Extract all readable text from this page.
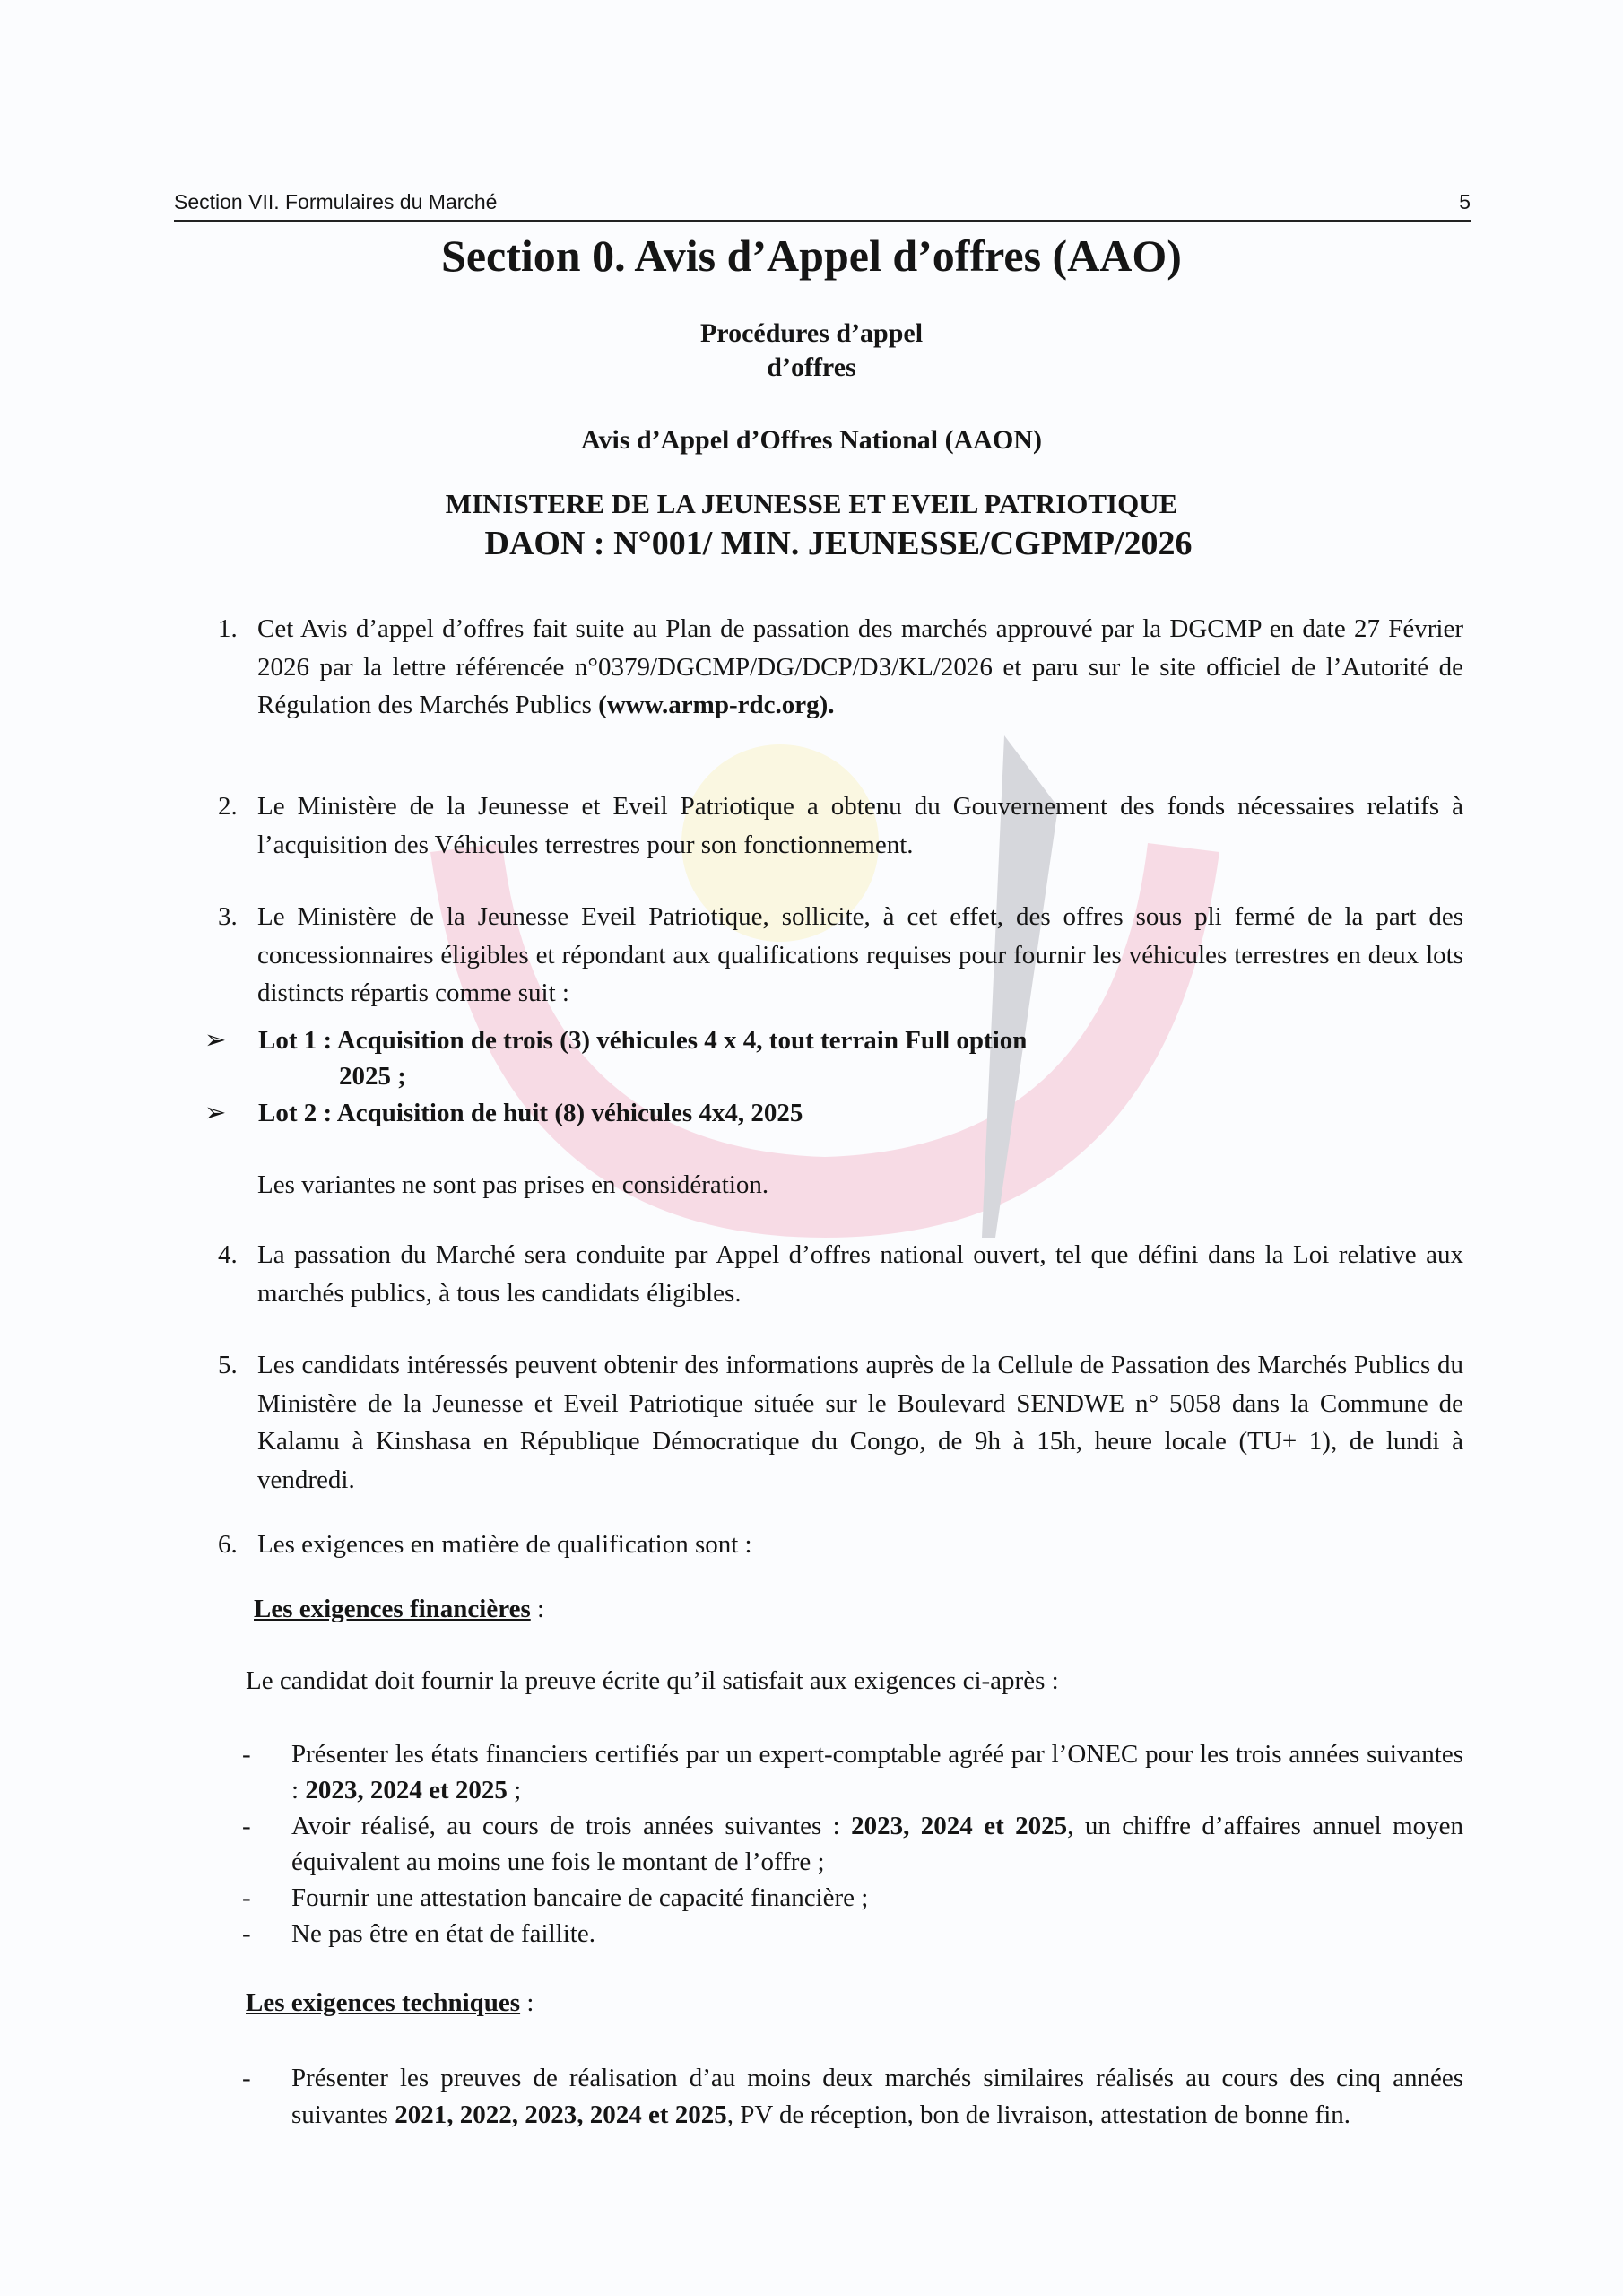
Section VII. Formulaires du Marché	5
Section 0. Avis d’Appel d’offres (AAO)
Procédures d’appel
d’offres
Avis d’Appel d’Offres National (AAON)
MINISTERE DE LA JEUNESSE ET EVEIL PATRIOTIQUE
DAON : N°001/ MIN. JEUNESSE/CGPMP/2026
1. Cet Avis d’appel d’offres fait suite au Plan de passation des marchés approuvé par la DGCMP en date 27 Février 2026 par la lettre référencée n°0379/DGCMP/DG/DCP/D3/KL/2026 et paru sur le site officiel de l’Autorité de Régulation des Marchés Publics (www.armp-rdc.org).
2. Le Ministère de la Jeunesse et Eveil Patriotique a obtenu du Gouvernement des fonds nécessaires relatifs à l’acquisition des Véhicules terrestres pour son fonctionnement.
3. Le Ministère de la Jeunesse Eveil Patriotique, sollicite, à cet effet, des offres sous pli fermé de la part des concessionnaires éligibles et répondant aux qualifications requises pour fournir les véhicules terrestres en deux lots distincts répartis comme suit :
➢ Lot 1 : Acquisition de trois (3) véhicules 4 x 4, tout terrain Full option
2025 ;
➢ Lot 2 : Acquisition de huit (8) véhicules 4x4, 2025
Les variantes ne sont pas prises en considération.
4. La passation du Marché sera conduite par Appel d’offres national ouvert, tel que défini dans la Loi relative aux marchés publics, à tous les candidats éligibles.
5. Les candidats intéressés peuvent obtenir des informations auprès de la Cellule de Passation des Marchés Publics du Ministère de la Jeunesse et Eveil Patriotique située sur le Boulevard SENDWE n° 5058 dans la Commune de Kalamu à Kinshasa en République Démocratique du Congo, de 9h à 15h, heure locale (TU+ 1), de lundi à vendredi.
6. Les exigences en matière de qualification sont :
Les exigences financières :
Le candidat doit fournir la preuve écrite qu’il satisfait aux exigences ci-après :
- Présenter les états financiers certifiés par un expert-comptable agréé par l’ONEC pour les trois années suivantes : 2023, 2024 et 2025 ;
- Avoir réalisé, au cours de trois années suivantes : 2023, 2024 et 2025, un chiffre d’affaires annuel moyen équivalent au moins une fois le montant de l’offre ;
- Fournir une attestation bancaire de capacité financière ;
- Ne pas être en état de faillite.
Les exigences techniques :
- Présenter les preuves de réalisation d’au moins deux marchés similaires réalisés au cours des cinq années suivantes 2021, 2022, 2023, 2024 et 2025, PV de réception, bon de livraison, attestation de bonne fin.
